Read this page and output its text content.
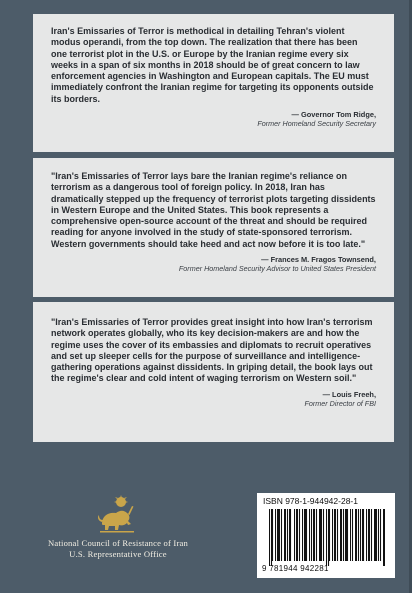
Iran's Emissaries of Terror is methodical in detailing Tehran's violent modus operandi, from the top down. The realization that there has been one terrorist plot in the U.S. or Europe by the Iranian regime every six weeks in a span of six months in 2018 should be of great concern to law enforcement agencies in Washington and European capitals. The EU must immediately confront the Iranian regime for targeting its opponents outside its borders.

— Governor Tom Ridge,
Former Homeland Security Secretary

"Iran's Emissaries of Terror lays bare the Iranian regime's reliance on terrorism as a dangerous tool of foreign policy. In 2018, Iran has dramatically stepped up the frequency of terrorist plots targeting dissidents in Western Europe and the United States. This book represents a comprehensive open-source account of the threat and should be required reading for anyone involved in the study of state-sponsored terrorism. Western governments should take heed and act now before it is too late."

— Frances M. Fragos Townsend,
Former Homeland Security Advisor to United States President

"Iran's Emissaries of Terror provides great insight into how Iran's terrorism network operates globally, who its key decision-makers are and how the regime uses the cover of its embassies and diplomats to recruit operatives and set up sleeper cells for the purpose of surveillance and intelligence-gathering operations against dissidents. In griping detail, the book lays out the regime's clear and cold intent of waging terrorism on Western soil."

— Louis Freeh,
Former Director of FBI
National Council of Resistance of Iran
U.S. Representative Office
ISBN 978-1-944942-28-1
9 781944 942281
